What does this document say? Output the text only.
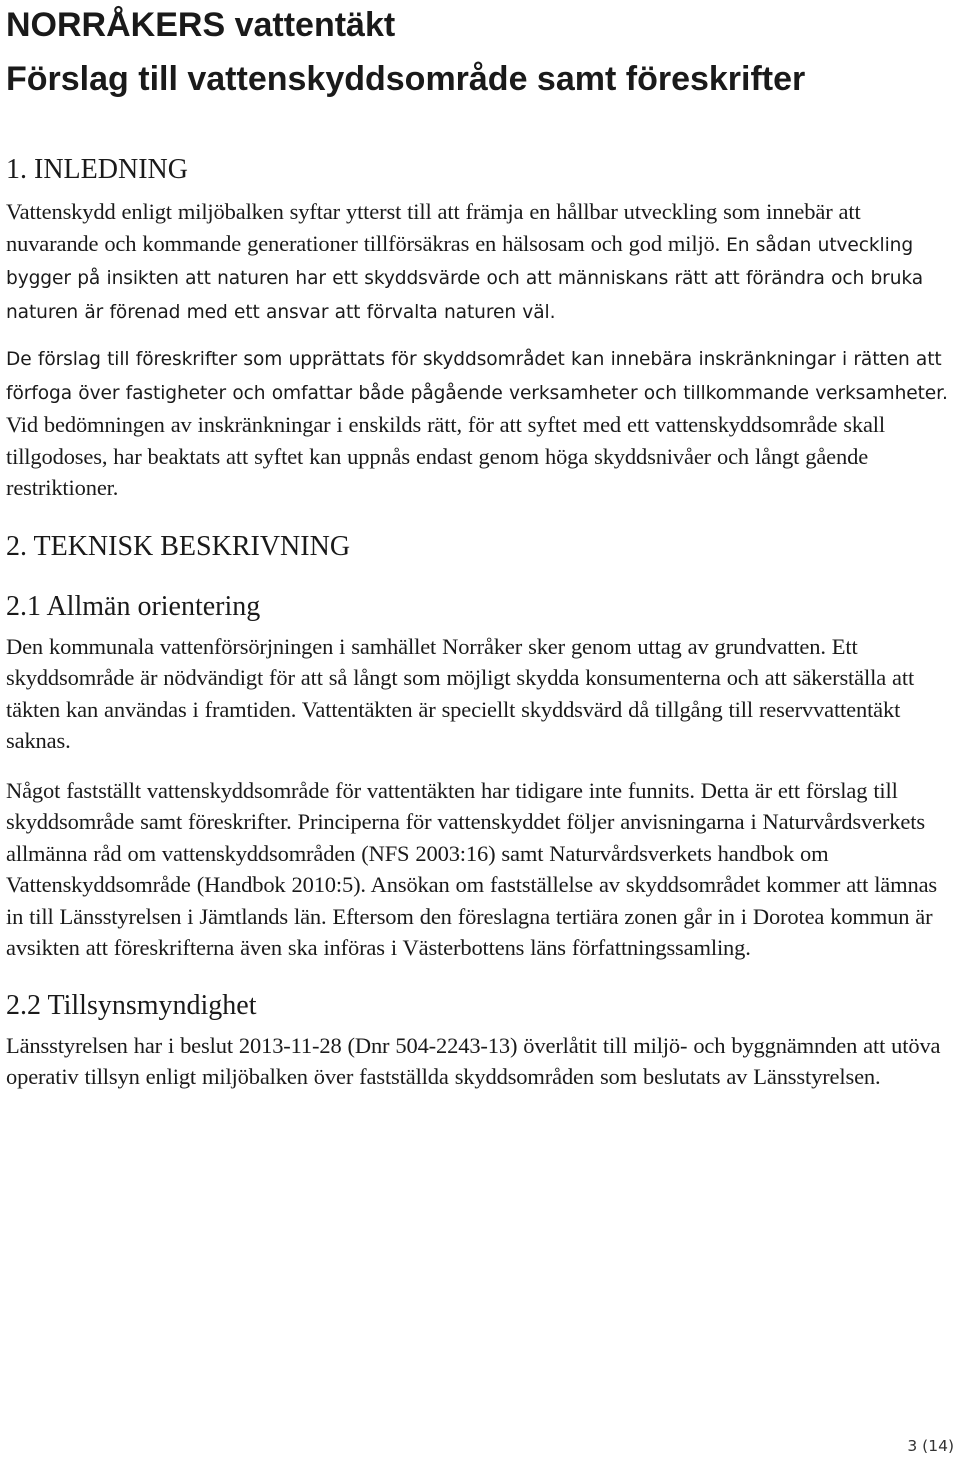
NORRÅKERS vattentäkt
Förslag till vattenskyddsområde samt föreskrifter
1. INLEDNING

Vattenskydd enligt miljöbalken syftar ytterst till att främja en hållbar utveckling som innebär att nuvarande och kommande generationer tillförsäkras en hälsosam och god miljö. En sådan utveckling bygger på insikten att naturen har ett skyddsvärde och att människans rätt att förändra och bruka naturen är förenad med ett ansvar att förvalta naturen väl.

De förslag till föreskrifter som upprättats för skyddsområdet kan innebära inskränkningar i rätten att förfoga över fastigheter och omfattar både pågående verksamheter och tillkommande verksamheter. Vid bedömningen av inskränkningar i enskilds rätt, för att syftet med ett vattenskyddsområde skall tillgodoses, har beaktats att syftet kan uppnås endast genom höga skyddsnivåer och långt gående restriktioner.

2. TEKNISK BESKRIVNING
2.1 Allmän orientering

Den kommunala vattenförsörjningen i samhället Norråker sker genom uttag av grundvatten. Ett skyddsområde är nödvändigt för att så långt som möjligt skydda konsumenterna och att säkerställa att täkten kan användas i framtiden. Vattentäkten är speciellt skyddsvärd då tillgång till reservvattentäkt saknas.

Något fastställt vattenskyddsområde för vattentäkten har tidigare inte funnits. Detta är ett förslag till skyddsområde samt föreskrifter. Principerna för vattenskyddet följer anvisningarna i Naturvårdsverkets allmänna råd om vattenskyddsområden (NFS 2003:16) samt Naturvårdsverkets handbok om Vattenskyddsområde (Handbok 2010:5). Ansökan om fastställelse av skyddsområdet kommer att lämnas in till Länsstyrelsen i Jämtlands län. Eftersom den föreslagna tertiära zonen går in i Dorotea kommun är avsikten att föreskrifterna även ska införas i Västerbottens läns författningssamling.

2.2 Tillsynsmyndighet

Länsstyrelsen har i beslut 2013-11-28 (Dnr 504-2243-13) överlåtit till miljö- och byggnämnden att utöva operativ tillsyn enligt miljöbalken över fastställda skyddsområden som beslutats av Länsstyrelsen.

3 (14)
